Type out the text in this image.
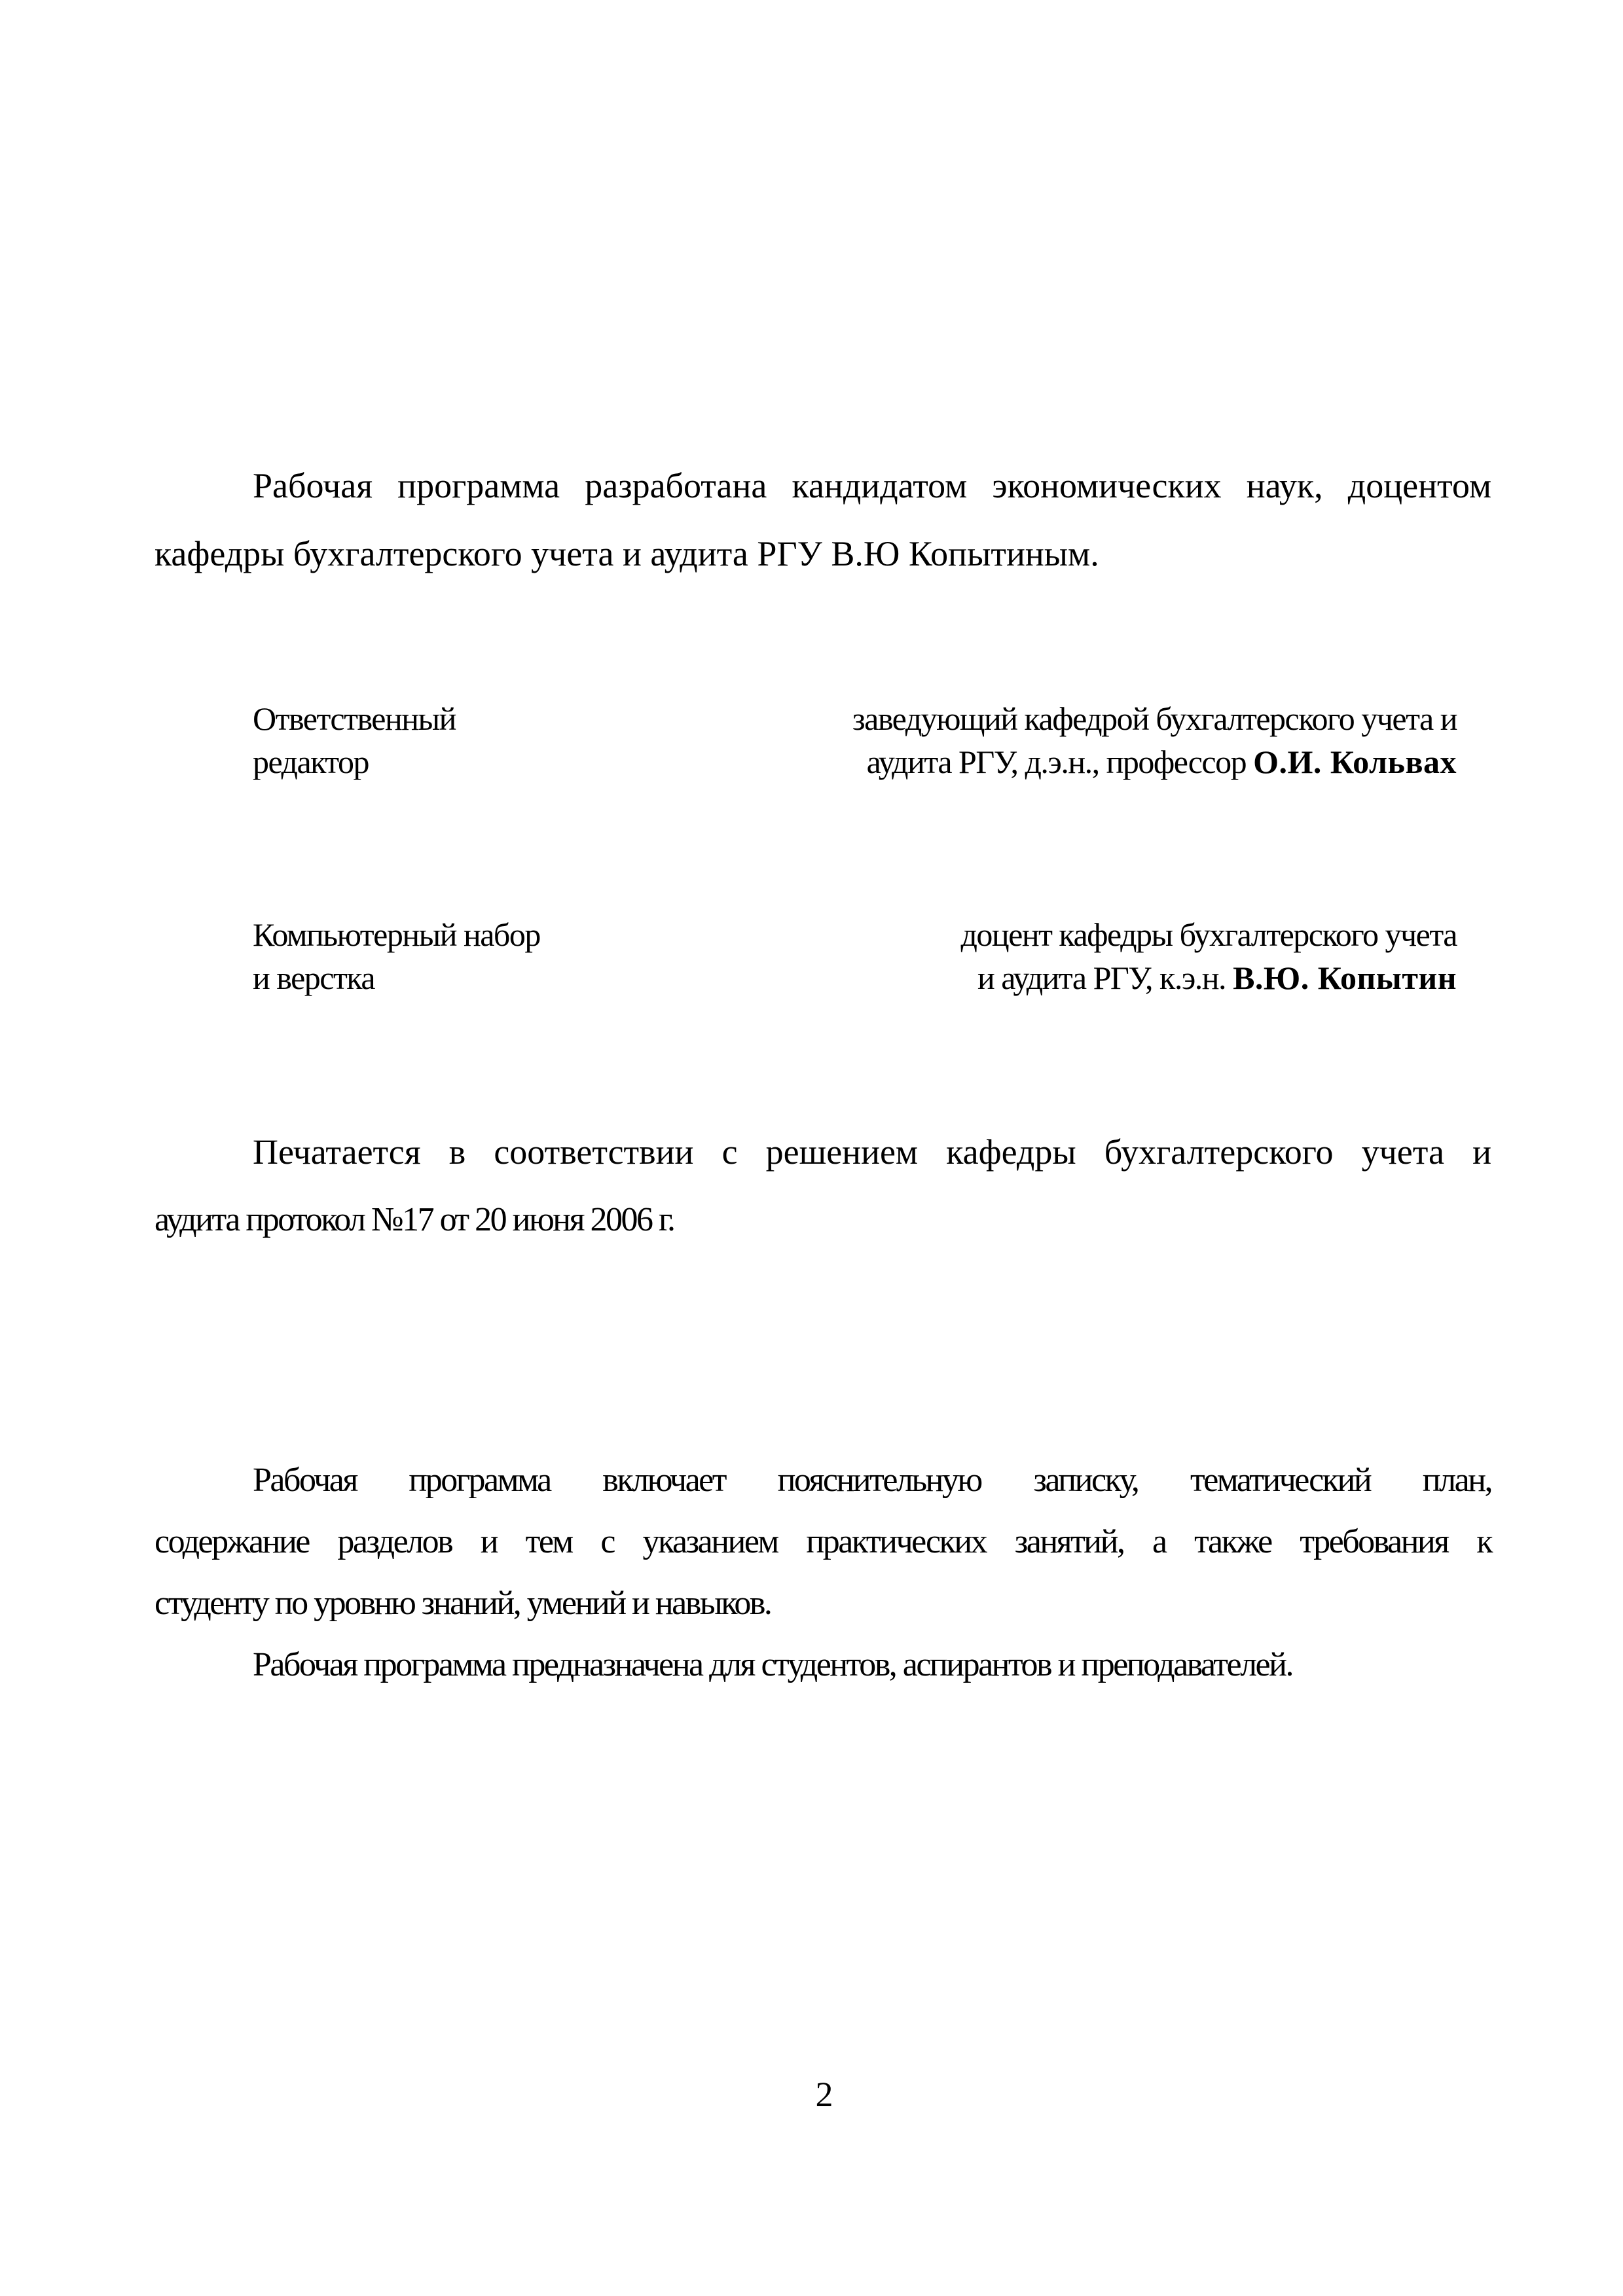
Рабочая программа разработана кандидатом экономических наук, доцентом

кафедры бухгалтерского учета и аудита РГУ В.Ю Копытиным.

Ответственный

редактор

заведующий кафедрой бухгалтерского учета и

аудита РГУ, д.э.н., профессор О.И. Кольвах

Компьютерный набор

и верстка

доцент кафедры бухгалтерского учета

и аудита РГУ, к.э.н. В.Ю. Копытин

Печатается в соответствии с решением кафедры бухгалтерского учета и

аудита протокол №17 от 20 июня 2006 г.

Рабочая программа включает пояснительную записку, тематический план,

содержание разделов и тем с указанием практических занятий, а также требования к

студенту по уровню знаний, умений и навыков.

Рабочая программа предназначена для студентов, аспирантов и преподавателей.

2
